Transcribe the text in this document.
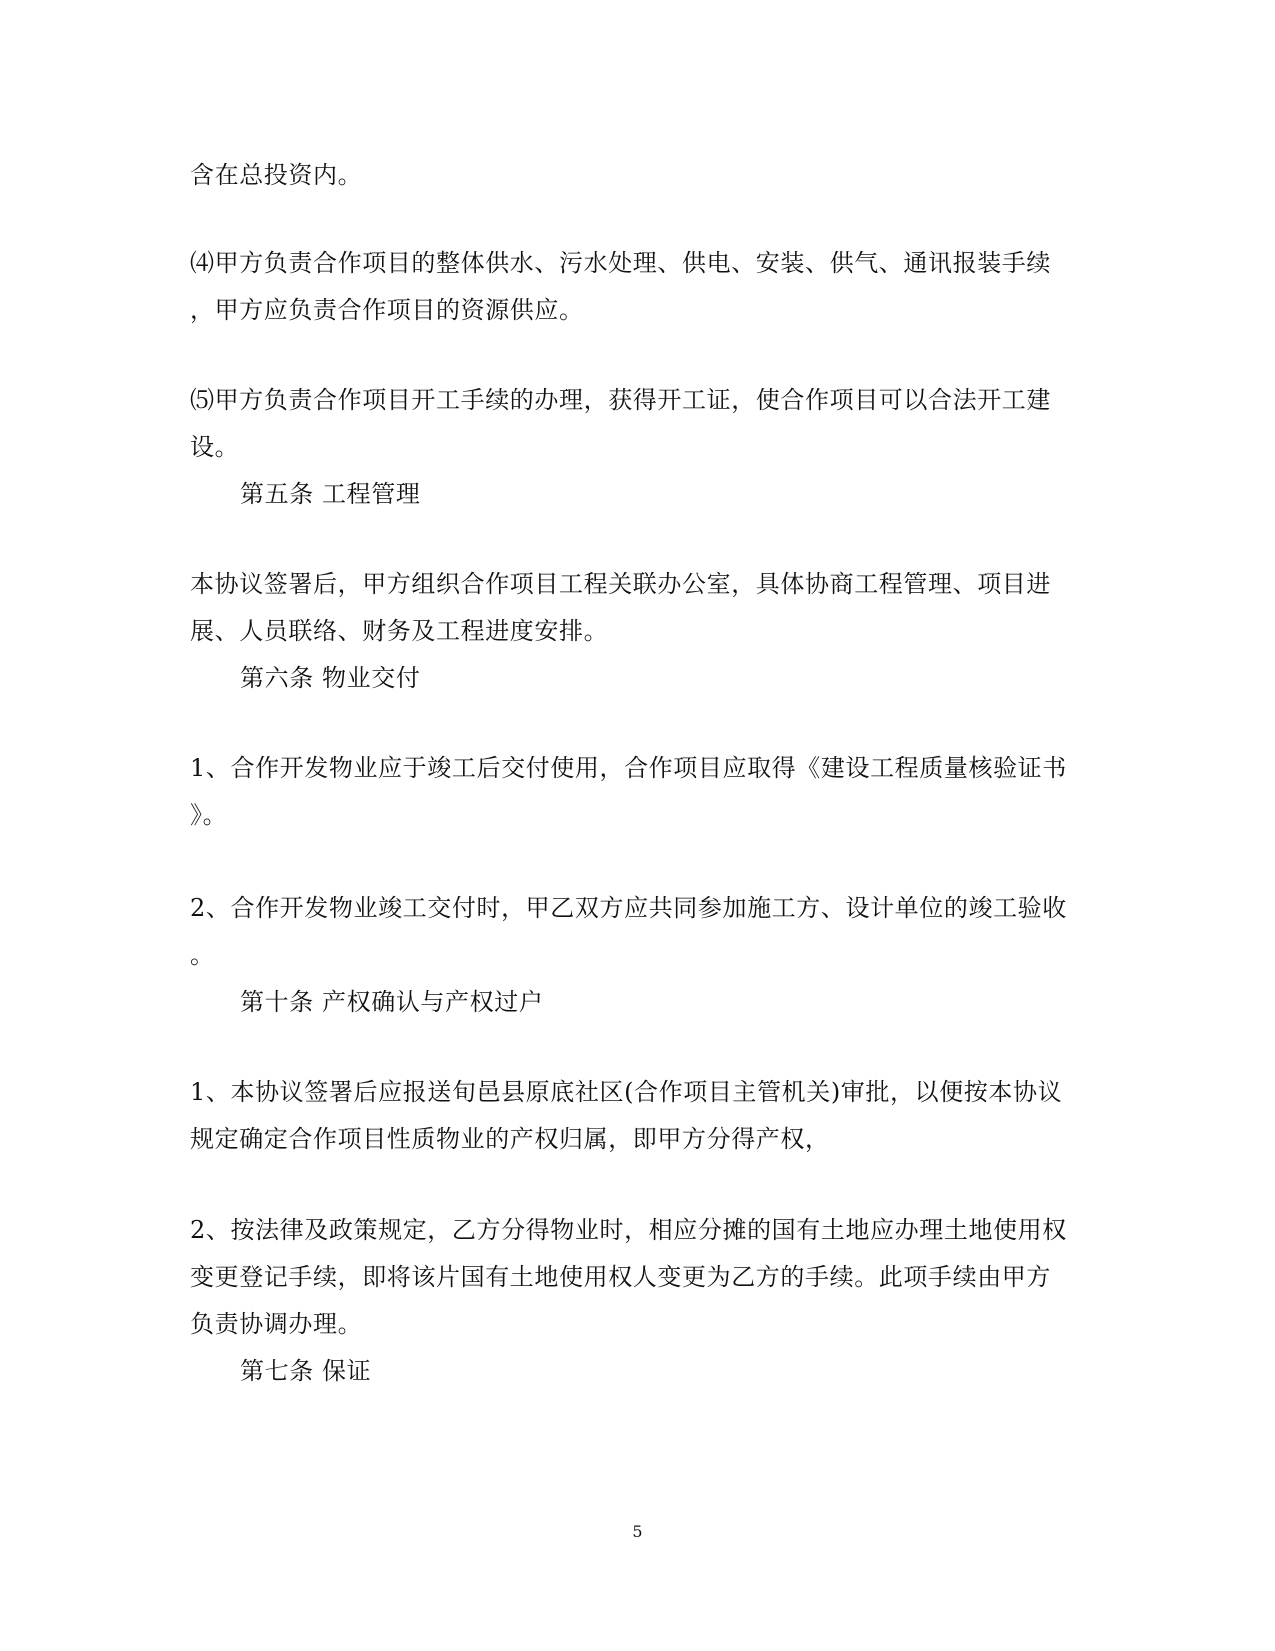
含在总投资内。
⑷甲方负责合作项目的整体供水、污水处理、供电、安装、供气、通讯报装手续
，甲方应负责合作项目的资源供应。
⑸甲方负责合作项目开工手续的办理，获得开工证，使合作项目可以合法开工建
设。
第五条 工程管理
本协议签署后，甲方组织合作项目工程关联办公室，具体协商工程管理、项目进
展、人员联络、财务及工程进度安排。
第六条 物业交付
1、合作开发物业应于竣工后交付使用，合作项目应取得《建设工程质量核验证书
》。
2、合作开发物业竣工交付时，甲乙双方应共同参加施工方、设计单位的竣工验收
。
第十条 产权确认与产权过户
1、本协议签署后应报送旬邑县原底社区(合作项目主管机关)审批，以便按本协议
规定确定合作项目性质物业的产权归属，即甲方分得产权，
2、按法律及政策规定，乙方分得物业时，相应分摊的国有土地应办理土地使用权
变更登记手续，即将该片国有土地使用权人变更为乙方的手续。此项手续由甲方
负责协调办理。
第七条 保证
5
